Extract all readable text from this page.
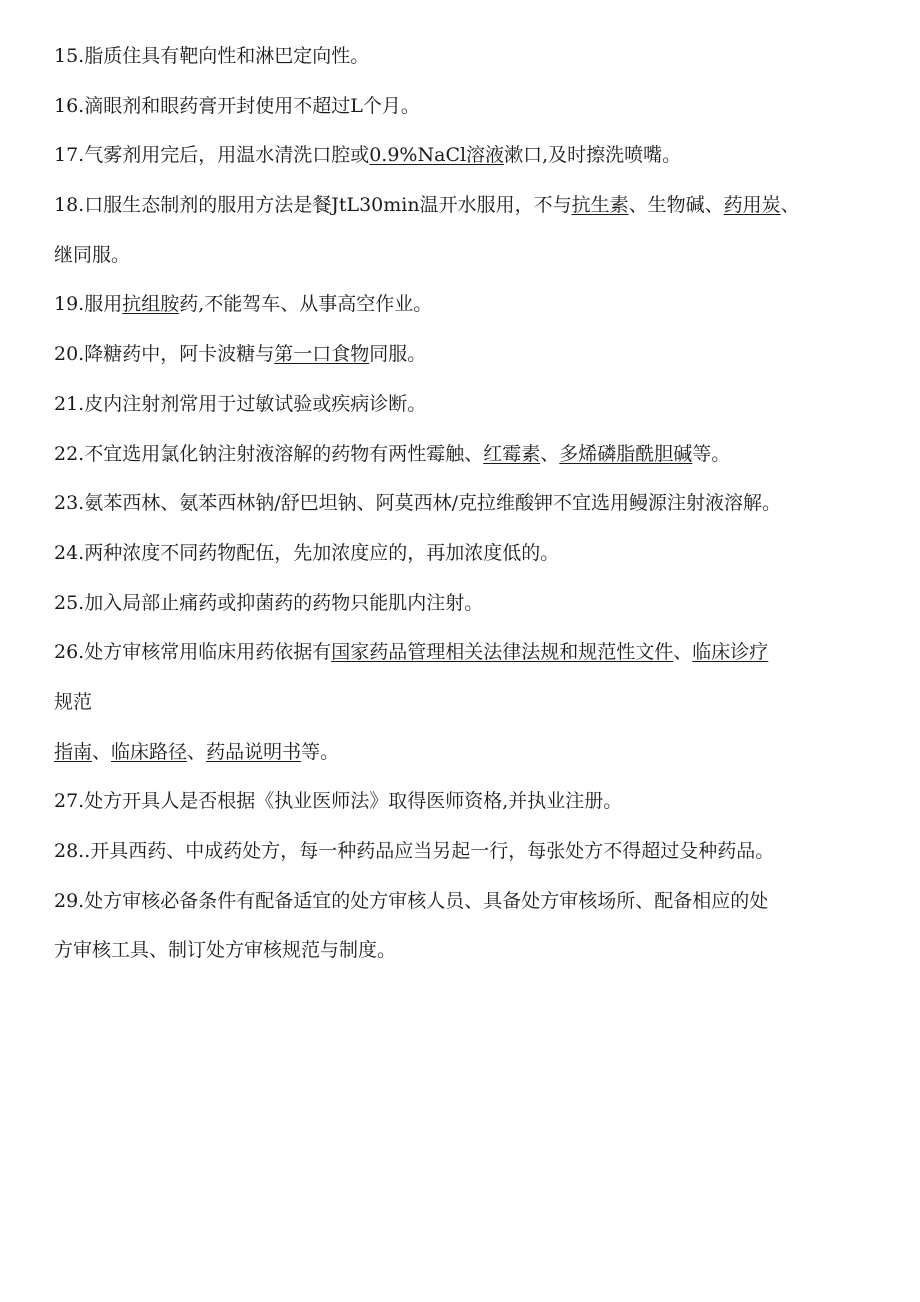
15.脂质住具有靶向性和淋巴定向性。
16.滴眼剂和眼药膏开封使用不超过L个月。
17.气雾剂用完后，用温水清洗口腔或0.9%NaCl溶液漱口,及时擦洗喷嘴。
18.口服生态制剂的服用方法是餐JtL30min温开水服用，不与抗生素、生物碱、药用炭、
继同服。
19.服用抗组胺药,不能驾车、从事高空作业。
20.降糖药中，阿卡波糖与第一口食物同服。
21.皮内注射剂常用于过敏试验或疾病诊断。
22.不宜选用氯化钠注射液溶解的药物有两性霉触、红霉素、多烯磷脂酰胆碱等。
23.氨苯西林、氨苯西林钠/舒巴坦钠、阿莫西林/克拉维酸钾不宜选用鳗源注射液溶解。
24.两种浓度不同药物配伍，先加浓度应的，再加浓度低的。
25.加入局部止痛药或抑菌药的药物只能肌内注射。
26.处方审核常用临床用药依据有国家药品管理相关法律法规和规范性文件、临床诊疗
规范
指南、临床路径、药品说明书等。
27.处方开具人是否根据《执业医师法》取得医师资格,并执业注册。
28..开具西药、中成药处方，每一种药品应当另起一行，每张处方不得超过殳种药品。
29.处方审核必备条件有配备适宜的处方审核人员、具备处方审核场所、配备相应的处
方审核工具、制订处方审核规范与制度。
